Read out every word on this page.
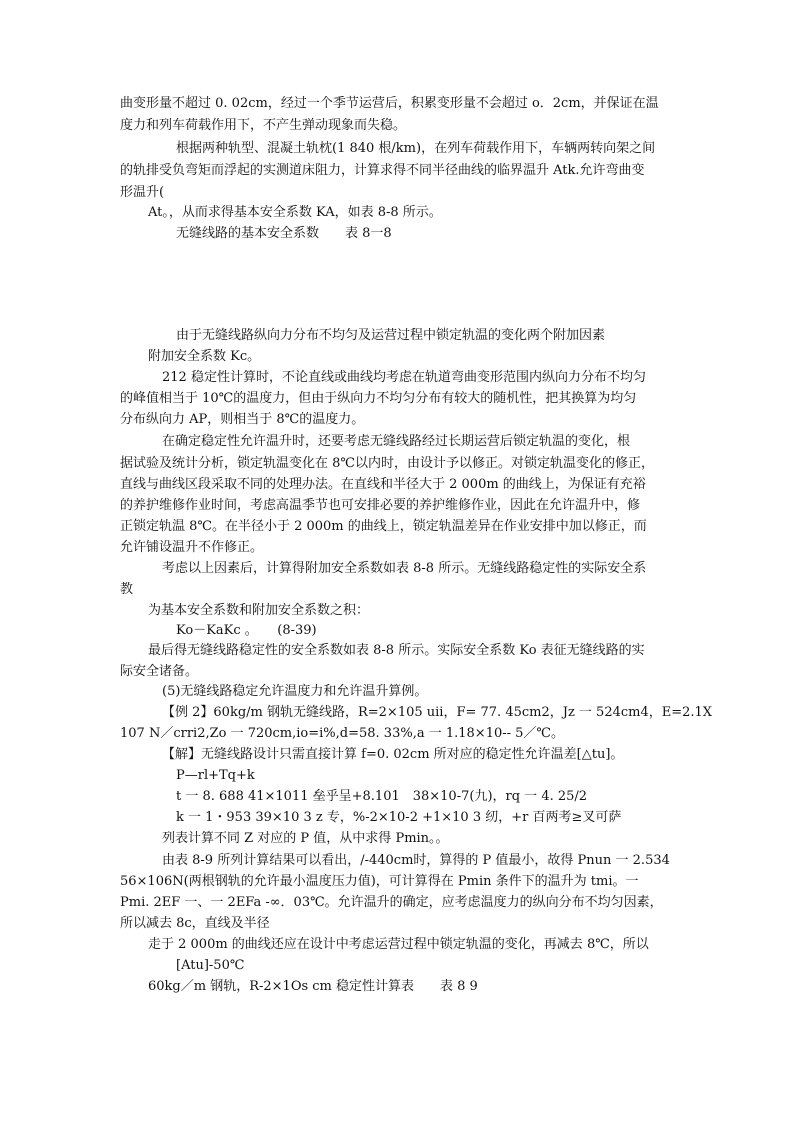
曲变形量不超过 0. 02cm，经过一个季节运营后，积累变形量不会超过 o．2cm，并保证在温
度力和列车荷载作用下，不产生弹动现象而失稳。
根据两种轨型、混凝土轨枕(1 840 根/km)，在列车荷载作用下，车辆两转向架之间
的轨排受负弯矩而浮起的实测道床阻力，计算求得不同半径曲线的临界温升 Atk.允许弯曲变
形温升(
At。，从而求得基本安全系数 KA，如表 8-8 所示。
无缝线路的基本安全系数　　表 8一8
由于无缝线路纵向力分布不均匀及运营过程中锁定轨温的变化两个附加因素
附加安全系数 Kc。
212 稳定性计算时，不论直线或曲线均考虑在轨道弯曲变形范围内纵向力分布不均匀
的峰值相当于 10℃的温度力，但由于纵向力不均匀分布有较大的随机性，把其换算为均匀
分布纵向力 AP，则相当于 8℃的温度力。
在确定稳定性允许温升时，还要考虑无缝线路经过长期运营后锁定轨温的变化，根
据试验及统计分析，锁定轨温变化在 8℃以内时，由设计予以修正。对锁定轨温变化的修正，
直线与曲线区段采取不同的处理办法。在直线和半径大于 2 000m 的曲线上，为保证有充裕
的养护维修作业时间，考虑高温季节也可安排必要的养护维修作业，因此在允许温升中，修
正锁定轨温 8℃。在半径小于 2 000m 的曲线上，锁定轨温差异在作业安排中加以修正，而
允许铺设温升不作修正。
考虑以上因素后，计算得附加安全系数如表 8-8 所示。无缝线路稳定性的实际安全系
教
为基本安全系数和附加安全系数之积：
Ko－KaKc 。　　(8-39)
最后得无缝线路稳定性的安全系数如表 8-8 所示。实际安全系数 Ko 表征无缝线路的实
际安全诸备。
(5)无缝线路稳定允许温度力和允许温升算例。
【例 2】60kg/m 钢轨无缝线路，R=2×105 uii，F= 77. 45cm2，Jz 一 524cm4，E=2.1X
107 N／crri2,Zo 一 720cm,io=i%,d=58. 33%,a 一 1.18×10-- 5／℃。
【解】无缝线路设计只需直接计算 f=0. 02cm 所对应的稳定性允许温差[△tu]。
P—rl+Tq+k
t 一 8. 688 41×1011 垒乎呈+8.101　38×10-7(九)，rq 一 4. 25/2
k 一 1・953 39×10 3 z 专，%-2×10-2 +1×10 3 纫，+r 百两考≥叉可萨
列表计算不同 Z 对应的 P 值，从中求得 Pmin。。
由表 8-9 所列计算结果可以看出，/-440cm时，算得的 P 值最小，故得 Pnun 一 2.534
56×106N(两根钢轨的允许最小温度压力值)，可计算得在 Pmin 条件下的温升为 tmi。一
Pmi. 2EF 一、一 2EFa -∞．03℃。允许温升的确定，应考虑温度力的纵向分布不均匀因素，
所以减去 8c，直线及半径
走于 2 000m 的曲线还应在设计中考虑运营过程中锁定轨温的变化，再减去 8℃，所以
[Atu]-50℃
60kg／m 钢轨，R-2×1Os cm 稳定性计算表　　表 8 9
